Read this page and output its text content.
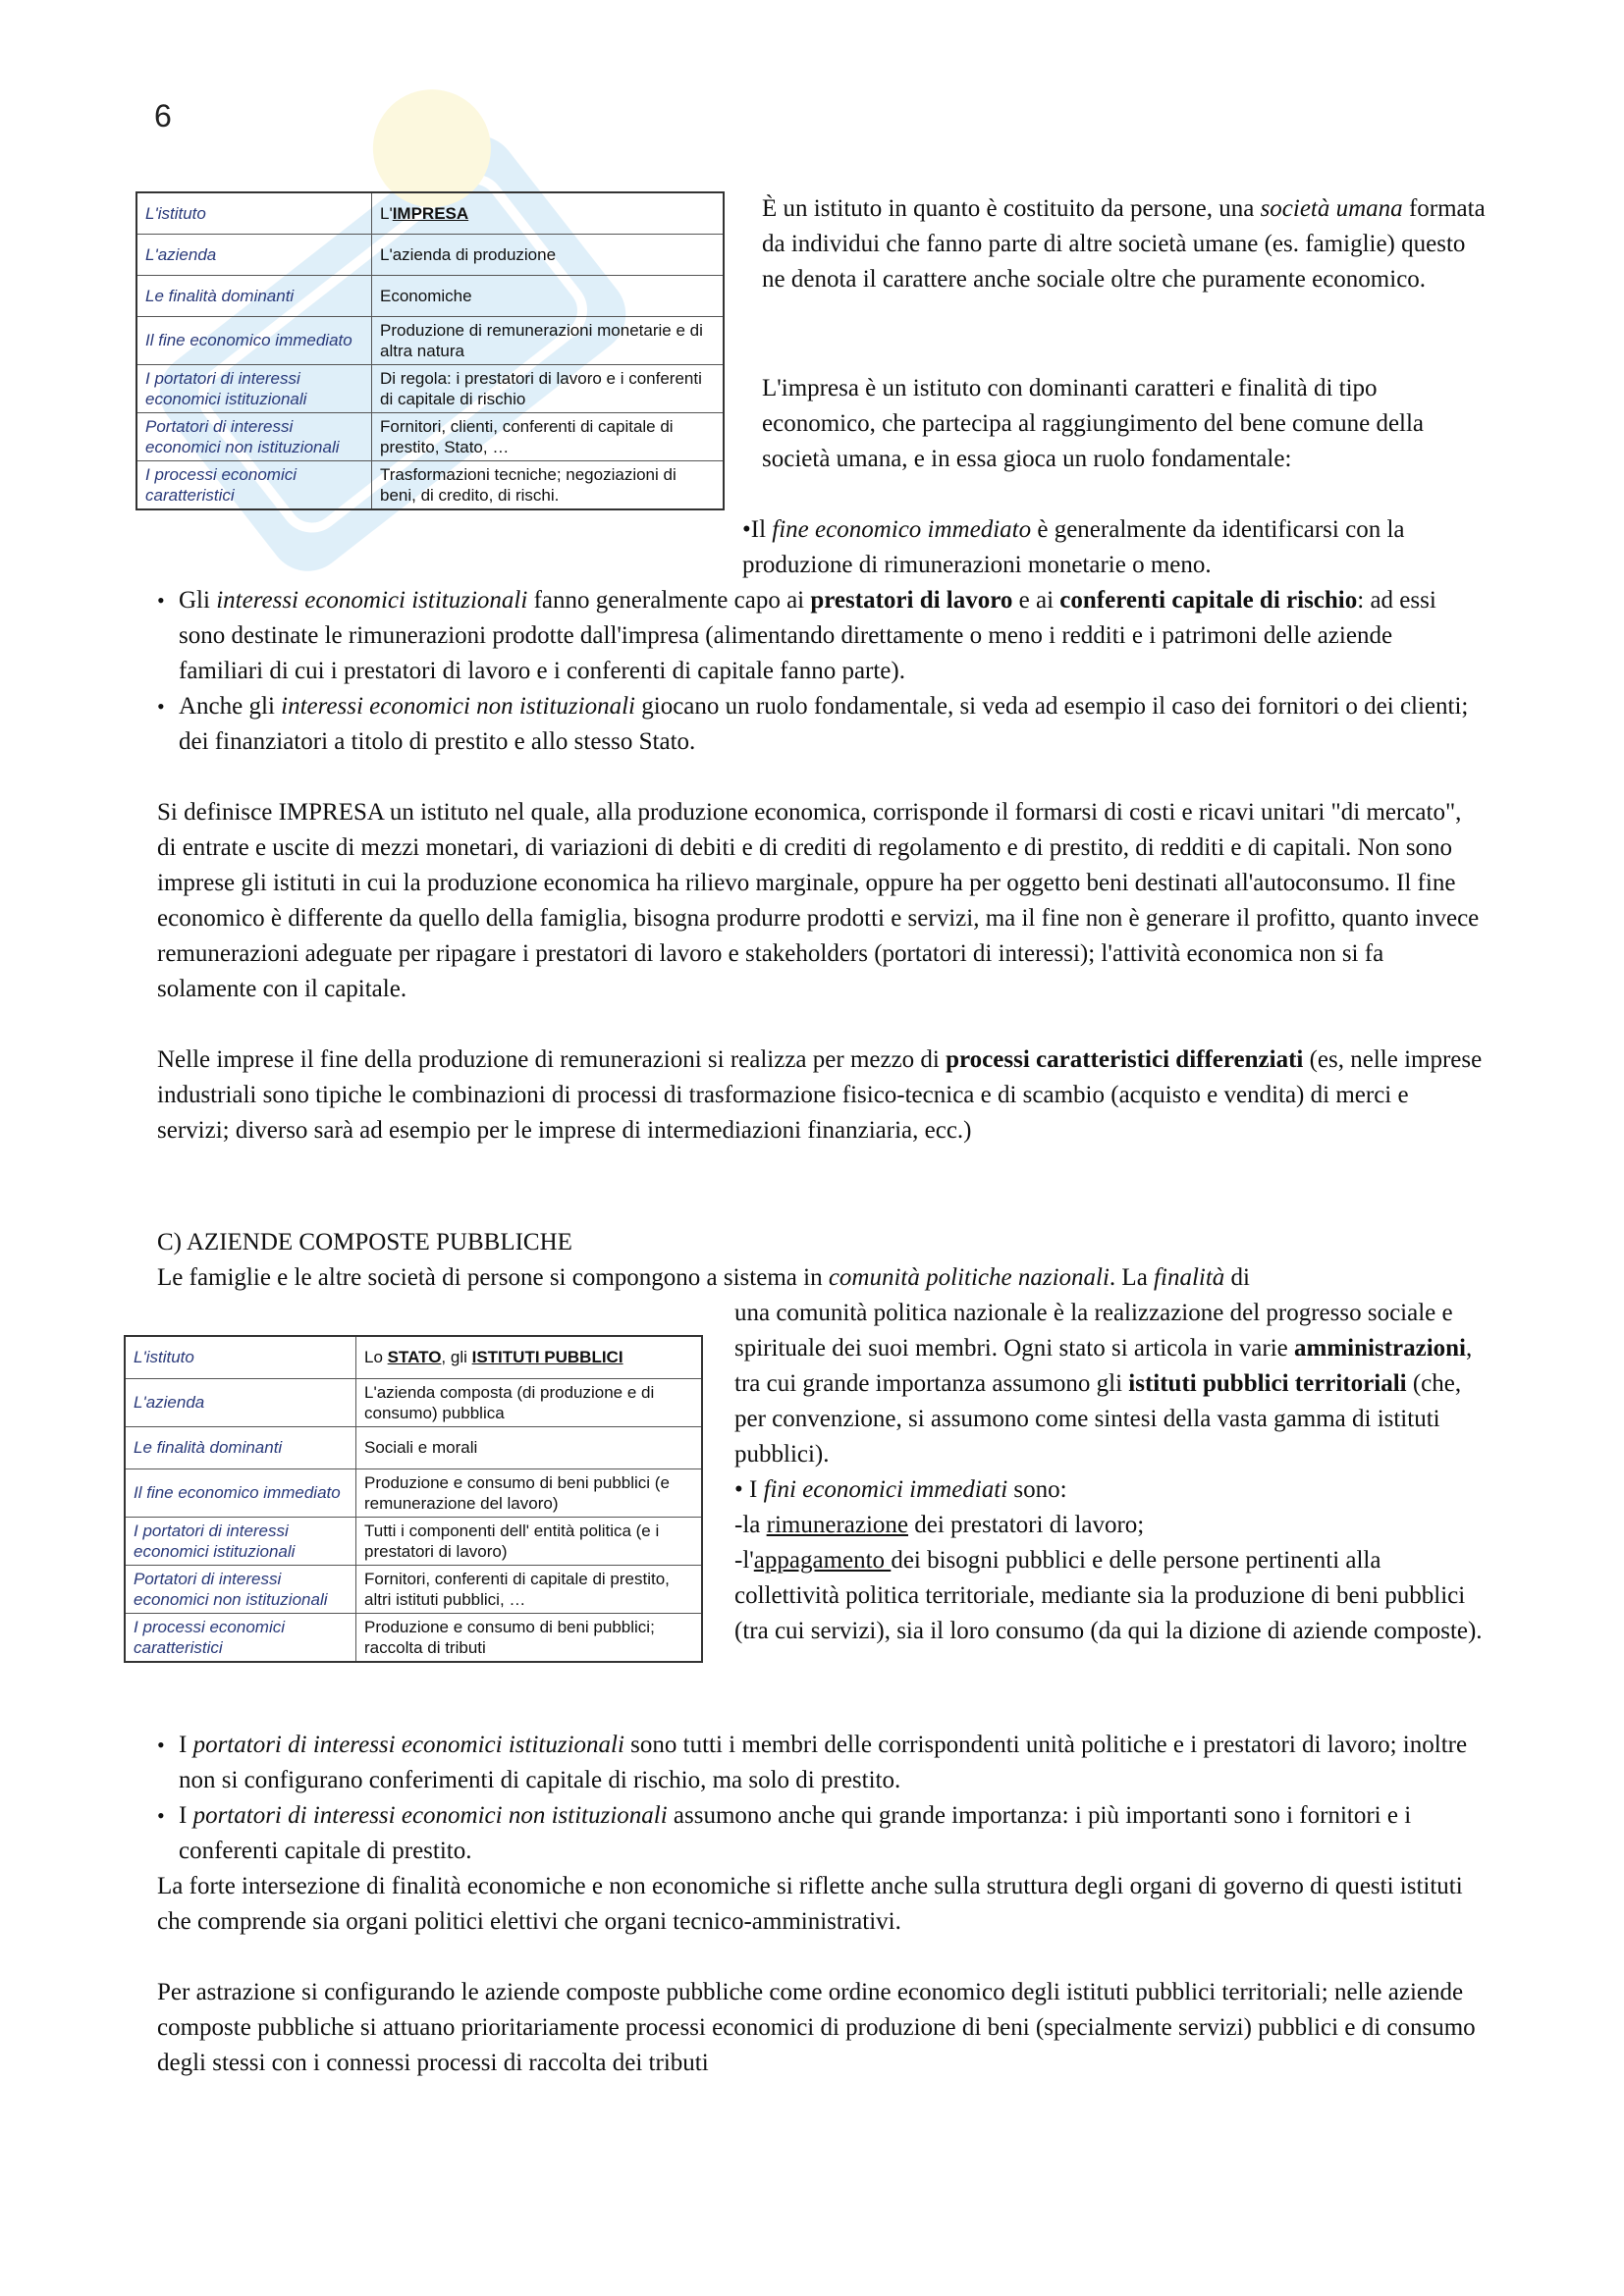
6
L'istituto	L'IMPRESA
L'azienda	L'azienda di produzione
Le finalità dominanti	Economiche
Il fine economico immediato	Produzione di remunerazioni monetarie e di altra natura
I portatori di interessi economici istituzionali	Di regola: i prestatori di lavoro e i conferenti di capitale di rischio
Portatori di interessi economici non istituzionali	Fornitori, clienti, conferenti di capitale di prestito, Stato, …
I processi economici caratteristici	Trasformazioni tecniche; negoziazioni di beni, di credito, di rischi.

È un istituto in quanto è costituito da persone, una società umana formata da individui che fanno parte di altre società umane (es. famiglie) questo ne denota il carattere anche sociale oltre che puramente economico.

L'impresa è un istituto con dominanti caratteri e finalità di tipo economico, che partecipa al raggiungimento del bene comune della società umana, e in essa gioca un ruolo fondamentale:

•Il fine economico immediato è generalmente da identificarsi con la produzione di rimunerazioni monetarie o meno.

• Gli interessi economici istituzionali fanno generalmente capo ai prestatori di lavoro e ai conferenti capitale di rischio: ad essi sono destinate le rimunerazioni prodotte dall'impresa (alimentando direttamente o meno i redditi e i patrimoni delle aziende familiari di cui i prestatori di lavoro e i conferenti di capitale fanno parte).
• Anche gli interessi economici non istituzionali giocano un ruolo fondamentale, si veda ad esempio il caso dei fornitori o dei clienti; dei finanziatori a titolo di prestito e allo stesso Stato.

Si definisce IMPRESA un istituto nel quale, alla produzione economica, corrisponde il formarsi di costi e ricavi unitari "di mercato", di entrate e uscite di mezzi monetari, di variazioni di debiti e di crediti di regolamento e di prestito, di redditi e di capitali. Non sono imprese gli istituti in cui la produzione economica ha rilievo marginale, oppure ha per oggetto beni destinati all'autoconsumo. Il fine economico è differente da quello della famiglia, bisogna produrre prodotti e servizi, ma il fine non è generare il profitto, quanto invece remunerazioni adeguate per ripagare i prestatori di lavoro e stakeholders (portatori di interessi); l'attività economica non si fa solamente con il capitale.

Nelle imprese il fine della produzione di remunerazioni si realizza per mezzo di processi caratteristici differenziati (es, nelle imprese industriali sono tipiche le combinazioni di processi di trasformazione fisico-tecnica e di scambio (acquisto e vendita) di merci e servizi; diverso sarà ad esempio per le imprese di intermediazioni finanziaria, ecc.)

C) AZIENDE COMPOSTE PUBBLICHE

Le famiglie e le altre società di persone si compongono a sistema in comunità politiche nazionali. La finalità di

L'istituto	Lo STATO, gli ISTITUTI PUBBLICI
L'azienda	L'azienda composta (di produzione e di consumo) pubblica
Le finalità dominanti	Sociali e morali
Il fine economico immediato	Produzione e consumo di beni pubblici (e remunerazione del lavoro)
I portatori di interessi economici istituzionali	Tutti i componenti dell' entità politica (e i prestatori di lavoro)
Portatori di interessi economici non istituzionali	Fornitori, conferenti di capitale di prestito, altri istituti pubblici, …
I processi economici caratteristici	Produzione e consumo di beni pubblici; raccolta di tributi

una comunità politica nazionale è la realizzazione del progresso sociale e spirituale dei suoi membri. Ogni stato si articola in varie amministrazioni, tra cui grande importanza assumono gli istituti pubblici territoriali (che, per convenzione, si assumono come sintesi della vasta gamma di istituti pubblici).

• I fini economici immediati sono:

-la rimunerazione dei prestatori di lavoro;

-l'appagamento dei bisogni pubblici e delle persone pertinenti alla collettività politica territoriale, mediante sia la produzione di beni pubblici (tra cui servizi), sia il loro consumo (da qui la dizione di aziende composte).

• I portatori di interessi economici istituzionali sono tutti i membri delle corrispondenti unità politiche e i prestatori di lavoro; inoltre non si configurano conferimenti di capitale di rischio, ma solo di prestito.
• I portatori di interessi economici non istituzionali assumono anche qui grande importanza: i più importanti sono i fornitori e i conferenti capitale di prestito.

La forte intersezione di finalità economiche e non economiche si riflette anche sulla struttura degli organi di governo di questi istituti che comprende sia organi politici elettivi che organi tecnico-amministrativi.

Per astrazione si configurando le aziende composte pubbliche come ordine economico degli istituti pubblici territoriali; nelle aziende composte pubbliche si attuano prioritariamente processi economici di produzione di beni (specialmente servizi) pubblici e di consumo degli stessi con i connessi processi di raccolta dei tributi
